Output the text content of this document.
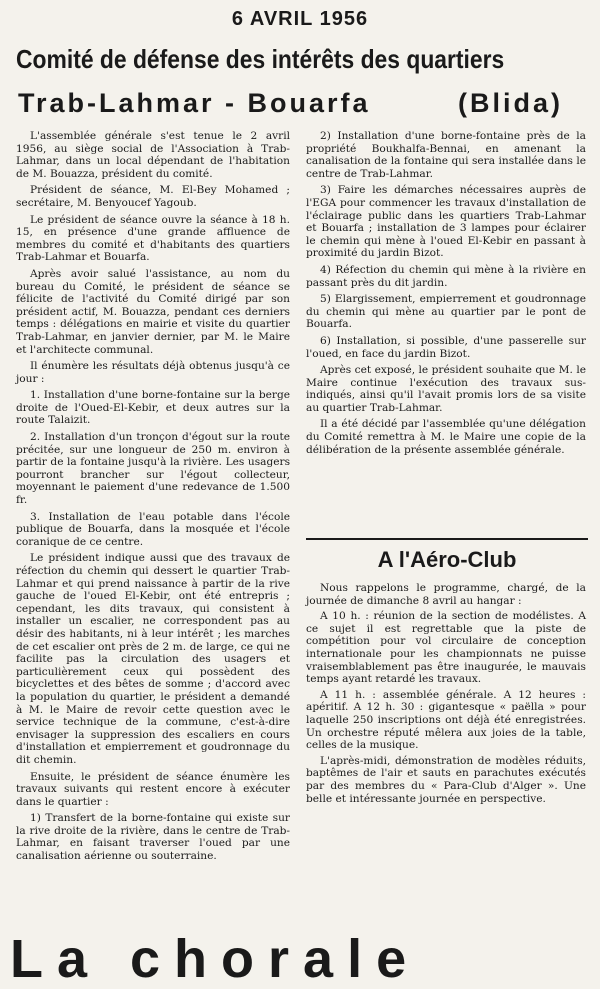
6 AVRIL 1956
Comité de défense des intérêts des quartiers
Trab-Lahmar - Bouarfa	(Blida)

L'assemblée générale s'est tenue le 2 avril 1956, au siège social de l'Association à Trab-Lahmar, dans un local dépendant de l'habitation de M. Bouazza, président du comité.

Président de séance, M. El-Bey Mohamed ; secrétaire, M. Benyoucef Yagoub.

Le président de séance ouvre la séance à 18 h. 15, en présence d'une grande affluence de membres du comité et d'habitants des quartiers Trab-Lahmar et Bouarfa.

Après avoir salué l'assistance, au nom du bureau du Comité, le président de séance se félicite de l'activité du Comité dirigé par son président actif, M. Bouazza, pendant ces derniers temps : délégations en mairie et visite du quartier Trab-Lahmar, en janvier dernier, par M. le Maire et l'architecte communal.

Il énumère les résultats déjà obtenus jusqu'à ce jour :

1. Installation d'une borne-fontaine sur la berge droite de l'Oued-El-Kebir, et deux autres sur la route Talaizit.

2. Installation d'un tronçon d'égout sur la route précitée, sur une longueur de 250 m. environ à partir de la fontaine jusqu'à la rivière. Les usagers pourront brancher sur l'égout collecteur, moyennant le paiement d'une redevance de 1.500 fr.

3. Installation de l'eau potable dans l'école publique de Bouarfa, dans la mosquée et l'école coranique de ce centre.

Le président indique aussi que des travaux de réfection du chemin qui dessert le quartier Trab-Lahmar et qui prend naissance à partir de la rive gauche de l'oued El-Kebir, ont été entrepris ; cependant, les dits travaux, qui consistent à installer un escalier, ne correspondent pas au désir des habitants, ni à leur intérêt ; les marches de cet escalier ont près de 2 m. de large, ce qui ne facilite pas la circulation des usagers et particulièrement ceux qui possèdent des bicyclettes et des bêtes de somme ; d'accord avec la population du quartier, le président a demandé à M. le Maire de revoir cette question avec le service technique de la commune, c'est-à-dire envisager la suppression des escaliers en cours d'installation et empierrement et goudronnage du dit chemin.

Ensuite, le président de séance énumère les travaux suivants qui restent encore à exécuter dans le quartier :

1) Transfert de la borne-fontaine qui existe sur la rive droite de la rivière, dans le centre de Trab-Lahmar, en faisant traverser l'oued par une canalisation aérienne ou souterraine.

2) Installation d'une borne-fontaine près de la propriété Boukhalfa-Bennai, en amenant la canalisation de la fontaine qui sera installée dans le centre de Trab-Lahmar.

3) Faire les démarches nécessaires auprès de l'EGA pour commencer les travaux d'installation de l'éclairage public dans les quartiers Trab-Lahmar et Bouarfa ; installation de 3 lampes pour éclairer le chemin qui mène à l'oued El-Kebir en passant à proximité du jardin Bizot.

4) Réfection du chemin qui mène à la rivière en passant près du dit jardin.

5) Elargissement, empierrement et goudronnage du chemin qui mène au quartier par le pont de Bouarfa.

6) Installation, si possible, d'une passerelle sur l'oued, en face du jardin Bizot.

Après cet exposé, le président souhaite que M. le Maire continue l'exécution des travaux sus-indiqués, ainsi qu'il l'avait promis lors de sa visite au quartier Trab-Lahmar.

Il a été décidé par l'assemblée qu'une délégation du Comité remettra à M. le Maire une copie de la délibération de la présente assemblée générale.

A l'Aéro-Club

Nous rappelons le programme, chargé, de la journée de dimanche 8 avril au hangar :

A 10 h. : réunion de la section de modélistes. A ce sujet il est regrettable que la piste de compétition pour vol circulaire de conception internationale pour les championnats ne puisse vraisemblablement pas être inaugurée, le mauvais temps ayant retardé les travaux.

A 11 h. : assemblée générale. A 12 heures : apéritif. A 12 h. 30 : gigantesque « paëlla » pour laquelle 250 inscriptions ont déjà été enregistrées. Un orchestre réputé mêlera aux joies de la table, celles de la musique.

L'après-midi, démonstration de modèles réduits, baptêmes de l'air et sauts en parachutes exécutés par des membres du « Para-Club d'Alger ». Une belle et intéressante journée en perspective.

La chorale
